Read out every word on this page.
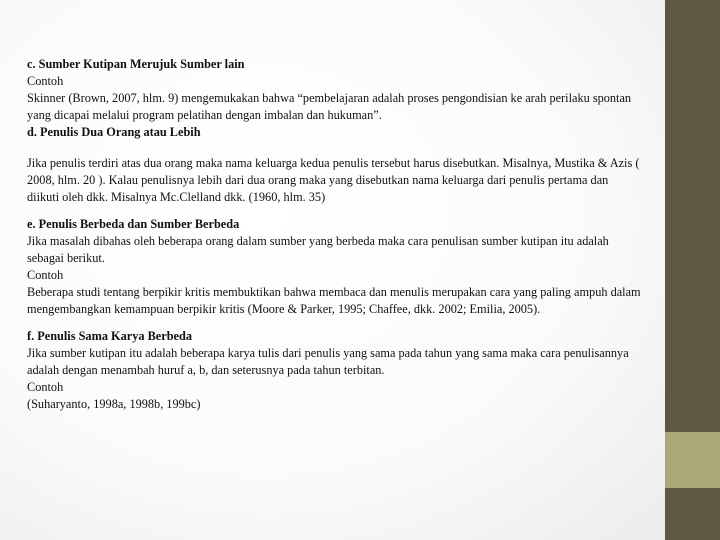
c. Sumber Kutipan Merujuk Sumber lain

Contoh

Skinner (Brown, 2007, hlm. 9) mengemukakan bahwa “pembelajaran adalah proses pengondisian ke arah perilaku spontan yang dicapai melalui program pelatihan dengan imbalan dan hukuman”.

d. Penulis Dua Orang atau Lebih

Jika penulis terdiri atas dua orang maka nama keluarga kedua penulis tersebut harus disebutkan. Misalnya, Mustika & Azis ( 2008, hlm. 20 ). Kalau penulisnya lebih dari dua orang maka yang disebutkan nama keluarga dari penulis pertama dan diikuti oleh dkk. Misalnya Mc.Clelland dkk. (1960, hlm. 35)

e. Penulis Berbeda dan Sumber Berbeda

Jika masalah dibahas oleh beberapa orang dalam sumber yang berbeda maka cara penulisan sumber kutipan itu adalah sebagai berikut.

Contoh

Beberapa studi tentang berpikir kritis membuktikan bahwa membaca dan menulis merupakan cara yang paling ampuh dalam mengembangkan kemampuan berpikir kritis (Moore & Parker, 1995; Chaffee, dkk. 2002; Emilia, 2005).

f. Penulis Sama Karya Berbeda

Jika sumber kutipan itu adalah beberapa karya tulis dari penulis yang sama pada tahun yang sama maka cara penulisannya adalah dengan menambah huruf a, b, dan seterusnya pada tahun terbitan.

Contoh

(Suharyanto, 1998a, 1998b, 199bc)
